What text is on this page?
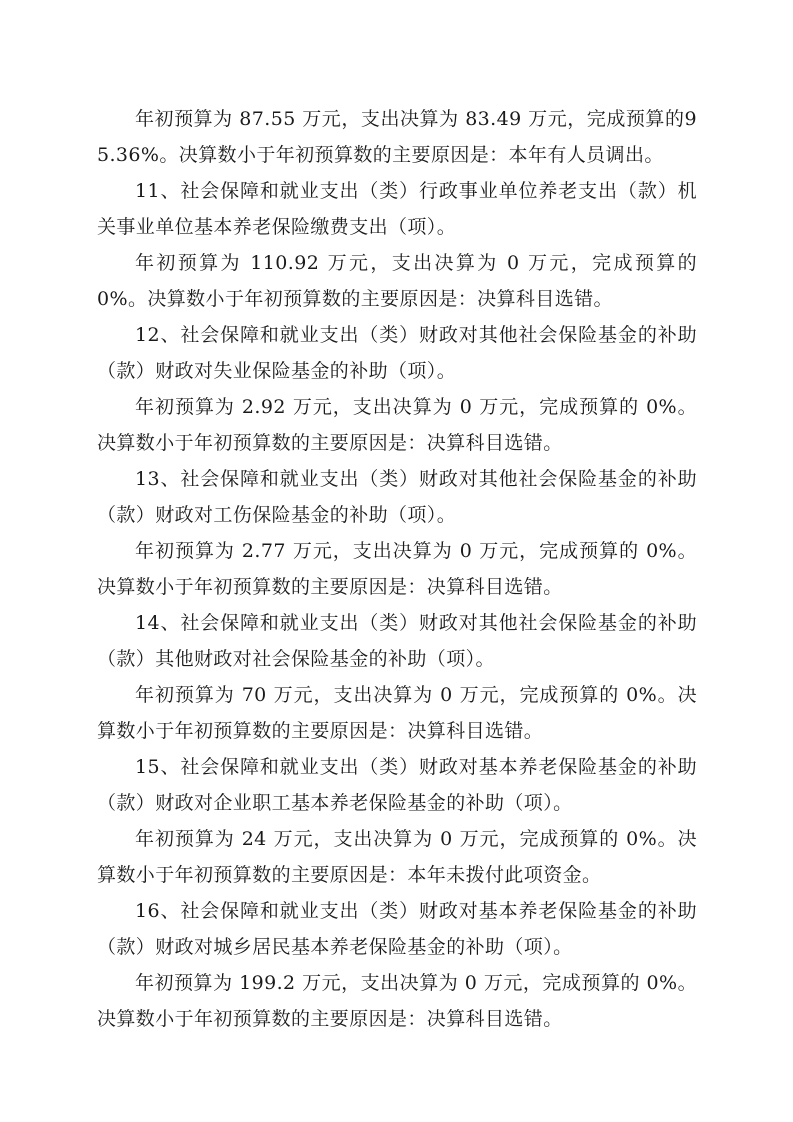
年初预算为 87.55 万元，支出决算为 83.49 万元，完成预算的95.36%。决算数小于年初预算数的主要原因是：本年有人员调出。

11、社会保障和就业支出（类）行政事业单位养老支出（款）机关事业单位基本养老保险缴费支出（项）。

年初预算为 110.92 万元，支出决算为 0 万元，完成预算的 0%。决算数小于年初预算数的主要原因是：决算科目选错。

12、社会保障和就业支出（类）财政对其他社会保险基金的补助（款）财政对失业保险基金的补助（项）。

年初预算为 2.92 万元，支出决算为 0 万元，完成预算的 0%。决算数小于年初预算数的主要原因是：决算科目选错。

13、社会保障和就业支出（类）财政对其他社会保险基金的补助（款）财政对工伤保险基金的补助（项）。

年初预算为 2.77 万元，支出决算为 0 万元，完成预算的 0%。决算数小于年初预算数的主要原因是：决算科目选错。

14、社会保障和就业支出（类）财政对其他社会保险基金的补助（款）其他财政对社会保险基金的补助（项）。

年初预算为 70 万元，支出决算为 0 万元，完成预算的 0%。决算数小于年初预算数的主要原因是：决算科目选错。

15、社会保障和就业支出（类）财政对基本养老保险基金的补助（款）财政对企业职工基本养老保险基金的补助（项）。

年初预算为 24 万元，支出决算为 0 万元，完成预算的 0%。决算数小于年初预算数的主要原因是：本年未拨付此项资金。

16、社会保障和就业支出（类）财政对基本养老保险基金的补助（款）财政对城乡居民基本养老保险基金的补助（项）。

年初预算为 199.2 万元，支出决算为 0 万元，完成预算的 0%。决算数小于年初预算数的主要原因是：决算科目选错。
